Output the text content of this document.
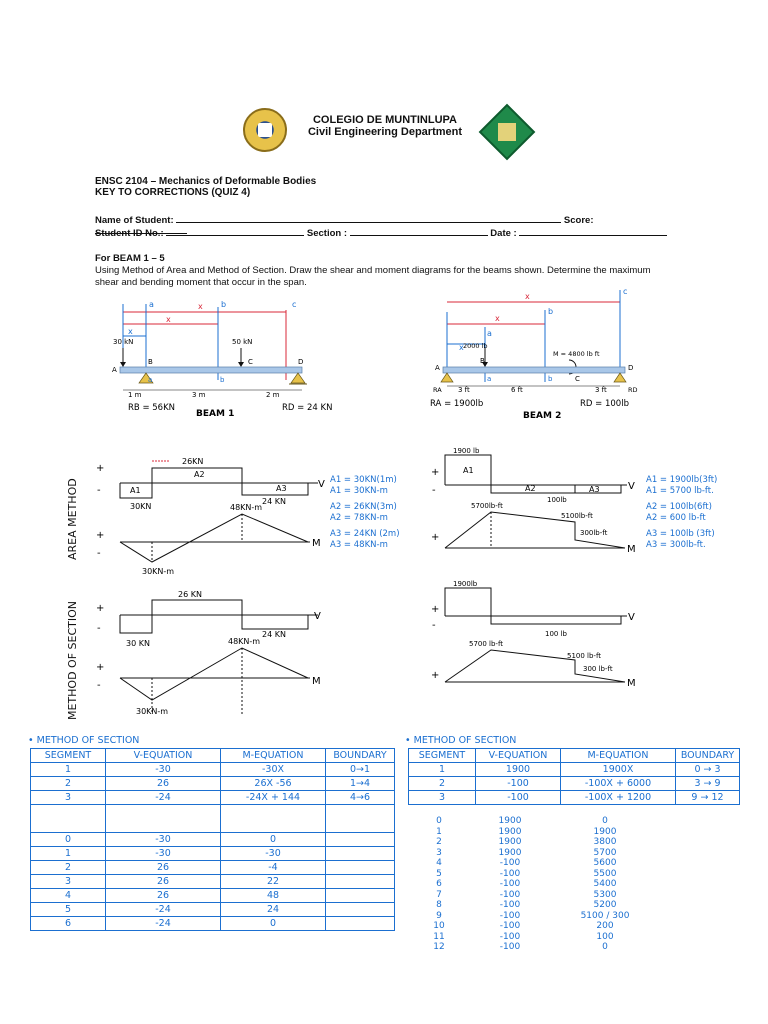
COLEGIO DE MUNTINLUPA
Civil Engineering Department
ENSC 2104 – Mechanics of Deformable Bodies
KEY TO CORRECTIONS (QUIZ 4)
Name of Student:	Score:
Student ID No.:	Section :	Date :
For BEAM 1 – 5
Using Method of Area and Method of Section. Draw the shear and moment diagrams for the beams shown. Determine the maximum shear and bending moment that occur in the span.
a	b	c
x
x
x
30 kN	50 kN
A
B	C	D
b
a
1 m	3 m	2 m
RB = 56KN	RD = 24 KN
BEAM 1
a
b
c
x
x
x 2000 lb
M = 4800 lb ft
A
B
C
D
a	b
3 ft	6 ft	3 ft
RA	RD
RA = 1900lb	RD = 100lb
BEAM 2
AREA METHOD
METHOD OF SECTION
+
-
26KN
A1
A2
A3
30KN
24 KN
V
48KN-m
+
-
30KN-m
M
A1 = 30KN(1m)
A1 = 30KN-m
A2 = 26KN(3m)
A2 = 78KN-m
A3 = 24KN (2m)
A3 = 48KN-m
1900 lb
+
-
A1
A2	A3
100lb
V
5700lb-ft
5100lb-ft
300lb-ft
+
M
A1 = 1900lb(3ft)
A1 = 5700 lb-ft.
A2 = 100lb(6ft)
A2 = 600 lb-ft
A3 = 100lb (3ft)
A3 = 300lb-ft.
26 KN
+
-
30 KN
24 KN
V
48KN-m
+
-
30KN-m
M
1900lb
+
-
100 lb
V
5700 lb-ft
5100 lb-ft
300 lb-ft
+
M
• METHOD OF SECTION
SEGMENT	V-EQUATION	M-EQUATION	BOUNDARY
1	-30	-30X	0→1
2	26	26X -56	1→4
3	-24	-24X + 144	4→6

0	-30	0	
1	-30	-30	
2	26	-4	
3	26	22	
4	26	48	
5	-24	24	
6	-24	0	
• METHOD OF SECTION
SEGMENT	V-EQUATION	M-EQUATION	BOUNDARY
1	1900	1900X	0 → 3
2	-100	-100X + 6000	3 → 9
3	-100	-100X + 1200	9 → 12
0	1900	0
1	1900	1900
2	1900	3800
3	1900	5700
4	-100	5600
5	-100	5500
6	-100	5400
7	-100	5300
8	-100	5200
9	-100	5100 / 300
10	-100	200
11	-100	100
12	-100	0
